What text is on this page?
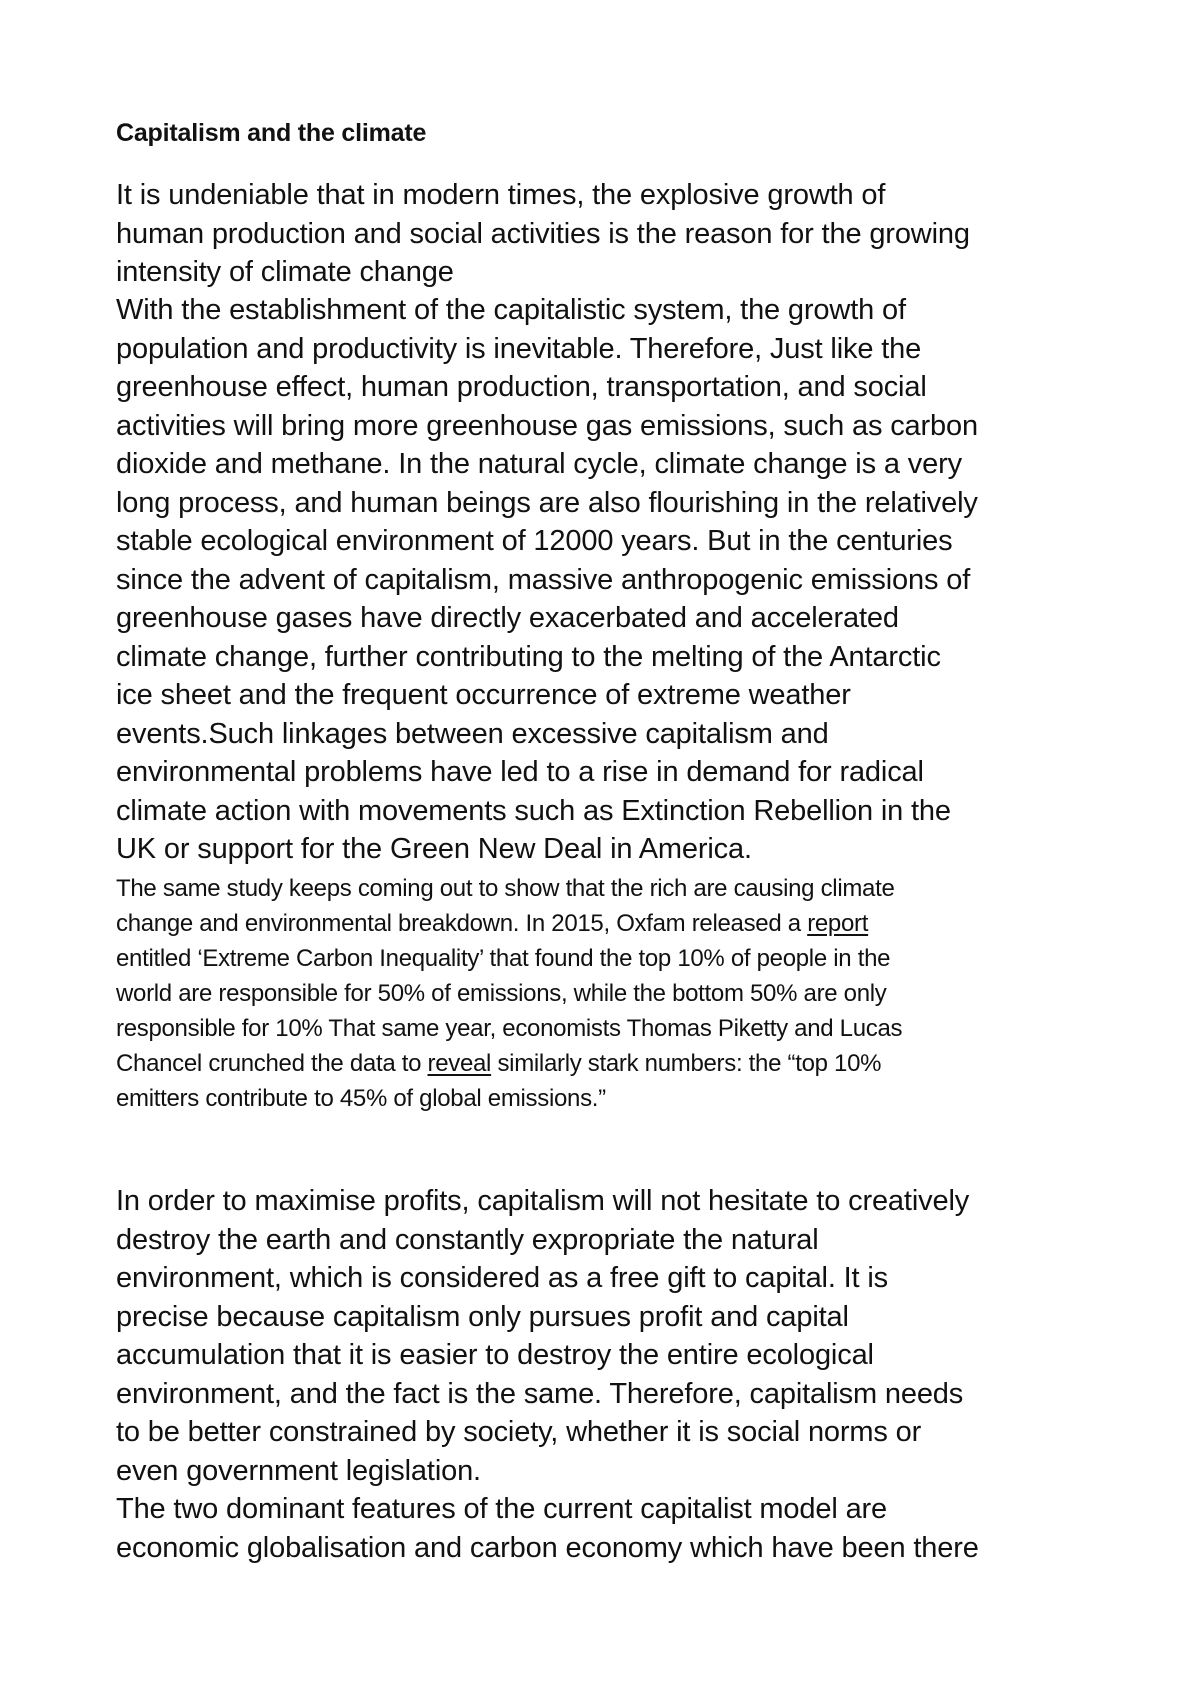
Capitalism and the climate
It is undeniable that in modern times, the explosive growth of
human production and social activities is the reason for the growing
intensity of climate change
With the establishment of the capitalistic system, the growth of
population and productivity is inevitable. Therefore, Just like the
greenhouse effect, human production, transportation, and social
activities will bring more greenhouse gas emissions, such as carbon
dioxide and methane. In the natural cycle, climate change is a very
long process, and human beings are also flourishing in the relatively
stable ecological environment of 12000 years. But in the centuries
since the advent of capitalism, massive anthropogenic emissions of
greenhouse gases have directly exacerbated and accelerated
climate change, further contributing to the melting of the Antarctic
ice sheet and the frequent occurrence of extreme weather
events.Such linkages between excessive capitalism and
environmental problems have led to a rise in demand for radical
climate action with movements such as Extinction Rebellion in the
UK or support for the Green New Deal in America.
The same study keeps coming out to show that the rich are causing climate
change and environmental breakdown. In 2015, Oxfam released a report
entitled ‘Extreme Carbon Inequality’ that found the top 10% of people in the
world are responsible for 50% of emissions, while the bottom 50% are only
responsible for 10% That same year, economists Thomas Piketty and Lucas
Chancel crunched the data to reveal similarly stark numbers: the “top 10%
emitters contribute to 45% of global emissions.”
In order to maximise profits, capitalism will not hesitate to creatively
destroy the earth and constantly expropriate the natural
environment, which is considered as a free gift to capital. It is
precise because capitalism only pursues profit and capital
accumulation that it is easier to destroy the entire ecological
environment, and the fact is the same. Therefore, capitalism needs
to be better constrained by society, whether it is social norms or
even government legislation.
The two dominant features of the current capitalist model are
economic globalisation and carbon economy which have been there
